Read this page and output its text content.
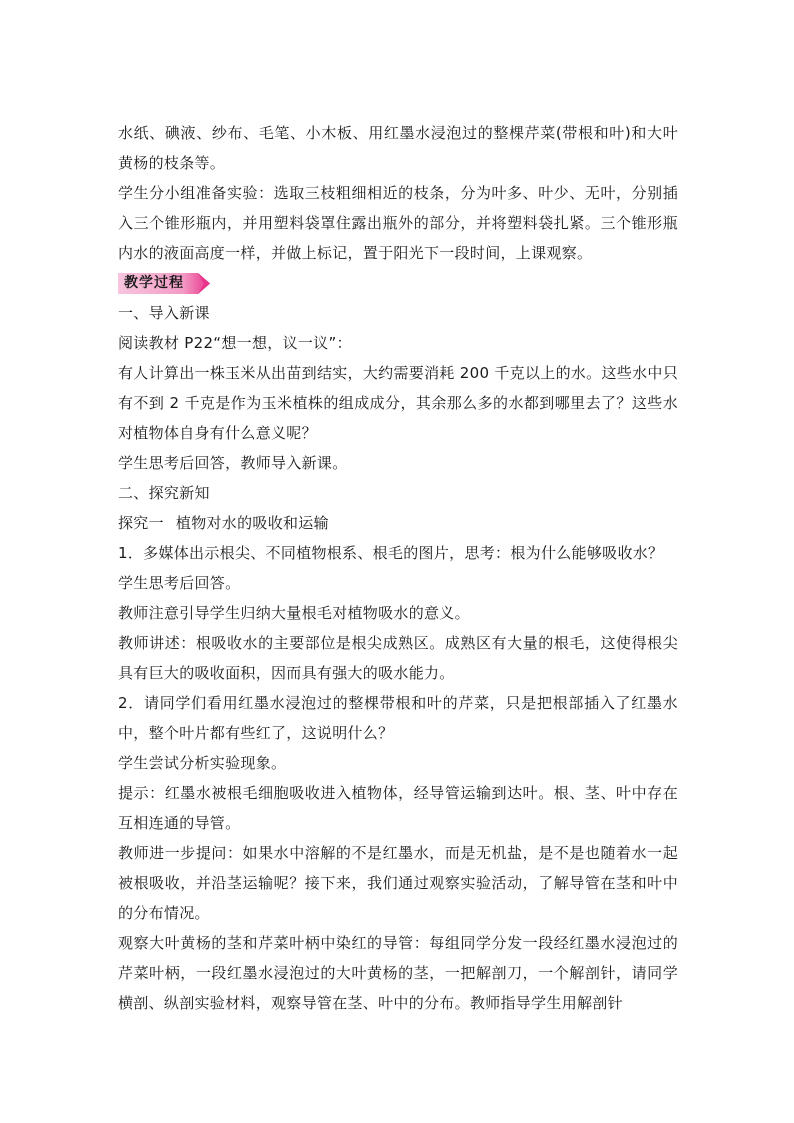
水纸、碘液、纱布、毛笔、小木板、用红墨水浸泡过的整棵芹菜(带根和叶)和大叶黄杨的枝条等。

学生分小组准备实验：选取三枝粗细相近的枝条，分为叶多、叶少、无叶，分别插入三个锥形瓶内，并用塑料袋罩住露出瓶外的部分，并将塑料袋扎紧。三个锥形瓶内水的液面高度一样，并做上标记，置于阳光下一段时间，上课观察。

教学过程

一、导入新课

阅读教材 P22“想一想，议一议”：

有人计算出一株玉米从出苗到结实，大约需要消耗 200 千克以上的水。这些水中只有不到 2 千克是作为玉米植株的组成成分，其余那么多的水都到哪里去了？这些水对植物体自身有什么意义呢？

学生思考后回答，教师导入新课。

二、探究新知

探究一 植物对水的吸收和运输

1．多媒体出示根尖、不同植物根系、根毛的图片，思考：根为什么能够吸收水？

学生思考后回答。

教师注意引导学生归纳大量根毛对植物吸水的意义。

教师讲述：根吸收水的主要部位是根尖成熟区。成熟区有大量的根毛，这使得根尖具有巨大的吸收面积，因而具有强大的吸水能力。

2．请同学们看用红墨水浸泡过的整棵带根和叶的芹菜，只是把根部插入了红墨水中，整个叶片都有些红了，这说明什么？

学生尝试分析实验现象。

提示：红墨水被根毛细胞吸收进入植物体，经导管运输到达叶。根、茎、叶中存在互相连通的导管。

教师进一步提问：如果水中溶解的不是红墨水，而是无机盐，是不是也随着水一起被根吸收，并沿茎运输呢？接下来，我们通过观察实验活动，了解导管在茎和叶中的分布情况。

观察大叶黄杨的茎和芹菜叶柄中染红的导管：每组同学分发一段经红墨水浸泡过的芹菜叶柄，一段红墨水浸泡过的大叶黄杨的茎，一把解剖刀，一个解剖针，请同学横剖、纵剖实验材料，观察导管在茎、叶中的分布。教师指导学生用解剖针
